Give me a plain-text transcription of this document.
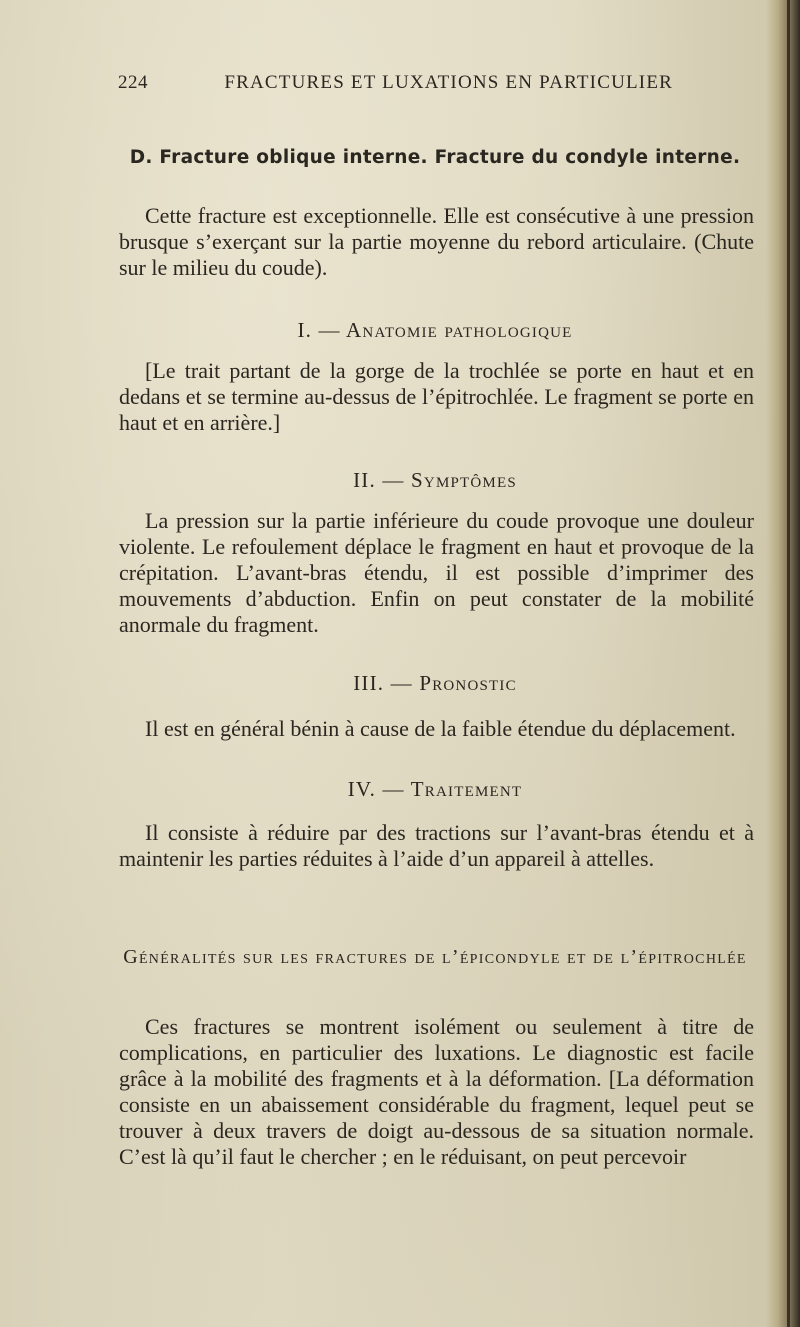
224	FRACTURES ET LUXATIONS EN PARTICULIER
D. Fracture oblique interne. Fracture du condyle interne.

Cette fracture est exceptionnelle. Elle est consécutive à une pression brusque s’exerçant sur la partie moyenne du rebord articulaire. (Chute sur le milieu du coude).

I. — Anatomie pathologique

[Le trait partant de la gorge de la trochlée se porte en haut et en dedans et se termine au-dessus de l’épitrochlée. Le fragment se porte en haut et en arrière.]

II. — Symptômes

La pression sur la partie inférieure du coude provoque une douleur violente. Le refoulement déplace le fragment en haut et provoque de la crépitation. L’avant-bras étendu, il est possible d’imprimer des mouvements d’abduction. Enfin on peut constater de la mobilité anormale du fragment.

III. — Pronostic

Il est en général bénin à cause de la faible étendue du déplacement.

IV. — Traitement

Il consiste à réduire par des tractions sur l’avant-bras étendu et à maintenir les parties réduites à l’aide d’un appareil à attelles.

Généralités sur les fractures de l’épicondyle et de l’épitrochlée

Ces fractures se montrent isolément ou seulement à titre de complications, en particulier des luxations. Le diagnostic est facile grâce à la mobilité des fragments et à la déformation. [La déformation consiste en un abaissement considérable du fragment, lequel peut se trouver à deux travers de doigt au-dessous de sa situation normale. C’est là qu’il faut le chercher ; en le réduisant, on peut percevoir
